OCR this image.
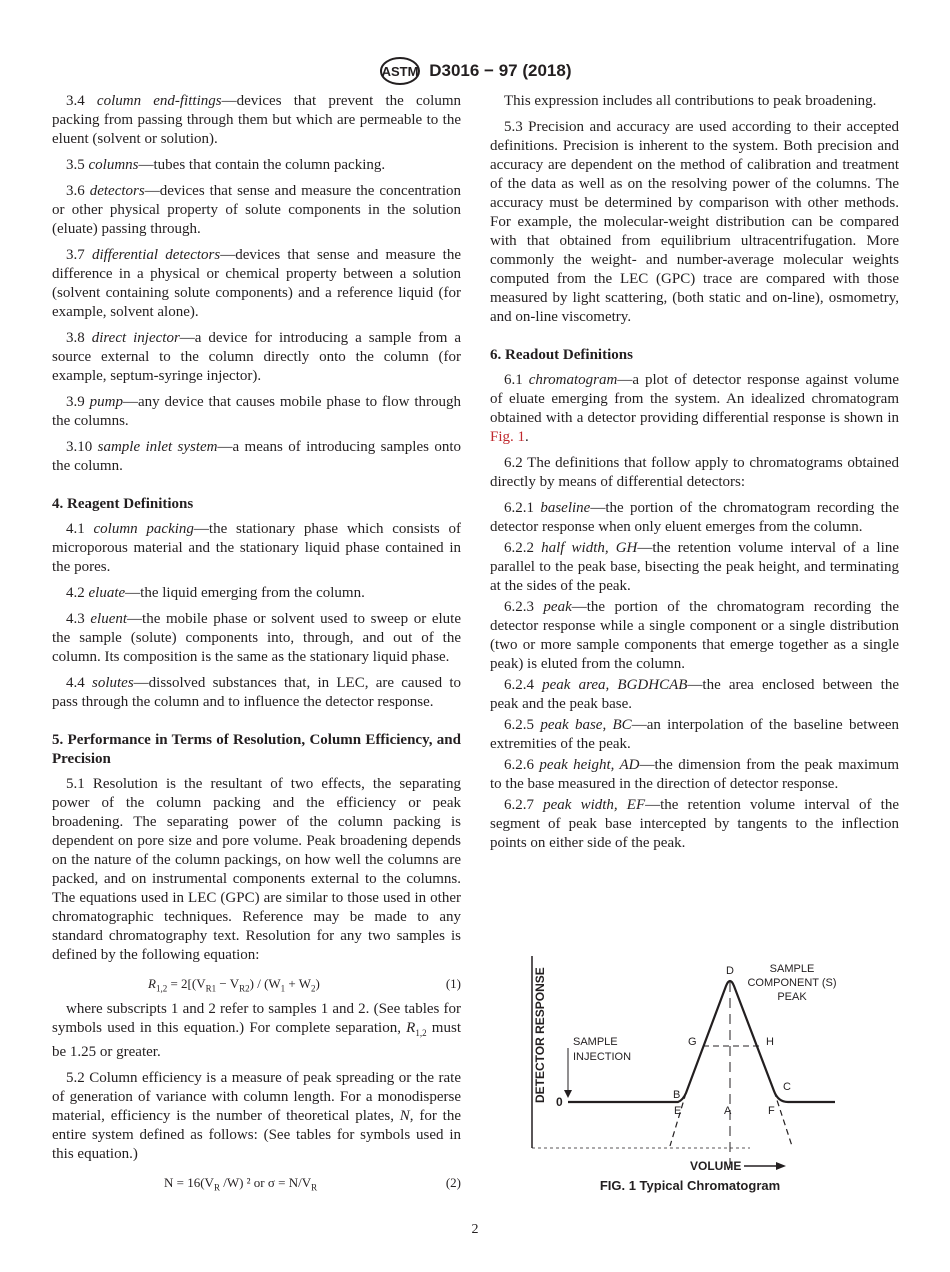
ASTM D3016 − 97 (2018)

3.4 column end-fittings—devices that prevent the column packing from passing through them but which are permeable to the eluent (solvent or solution).

3.5 columns—tubes that contain the column packing.

3.6 detectors—devices that sense and measure the concentration or other physical property of solute components in the solution (eluate) passing through.

3.7 differential detectors—devices that sense and measure the difference in a physical or chemical property between a solution (solvent containing solute components) and a reference liquid (for example, solvent alone).

3.8 direct injector—a device for introducing a sample from a source external to the column directly onto the column (for example, septum-syringe injector).

3.9 pump—any device that causes mobile phase to flow through the columns.

3.10 sample inlet system—a means of introducing samples onto the column.

4. Reagent Definitions

4.1 column packing—the stationary phase which consists of microporous material and the stationary liquid phase contained in the pores.

4.2 eluate—the liquid emerging from the column.

4.3 eluent—the mobile phase or solvent used to sweep or elute the sample (solute) components into, through, and out of the column. Its composition is the same as the stationary liquid phase.

4.4 solutes—dissolved substances that, in LEC, are caused to pass through the column and to influence the detector response.

5. Performance in Terms of Resolution, Column Efficiency, and Precision

5.1 Resolution is the resultant of two effects, the separating power of the column packing and the efficiency or peak broadening. The separating power of the column packing is dependent on pore size and pore volume. Peak broadening depends on the nature of the column packings, on how well the columns are packed, and on instrumental components external to the columns. The equations used in LEC (GPC) are similar to those used in other chromatographic techniques. Reference may be made to any standard chromatography text. Resolution for any two samples is defined by the following equation:

$R_{1,2} = 2[(V_{R1} - V_{R2}) / (W_1 + W_2)$	(1)

where subscripts 1 and 2 refer to samples 1 and 2. (See tables for symbols used in this equation.) For complete separation, $R_{1,2}$ must be 1.25 or greater.

5.2 Column efficiency is a measure of peak spreading or the rate of generation of variance with column length. For a monodisperse material, efficiency is the number of theoretical plates, N, for the entire system defined as follows: (See tables for symbols used in this equation.)

$N = 16(V_R$ /W) ² or $\sigma = N/V_R$	(2)

This expression includes all contributions to peak broadening.

5.3 Precision and accuracy are used according to their accepted definitions. Precision is inherent to the system. Both precision and accuracy are dependent on the method of calibration and treatment of the data as well as on the resolving power of the columns. The accuracy must be determined by comparison with other methods. For example, the molecular-weight distribution can be compared with that obtained from equilibrium ultracentrifugation. More commonly the weight- and number-average molecular weights computed from the LEC (GPC) trace are compared with those measured by light scattering, (both static and on-line), osmometry, and on-line viscometry.

6. Readout Definitions

6.1 chromatogram—a plot of detector response against volume of eluate emerging from the system. An idealized chromatogram obtained with a detector providing differential response is shown in Fig. 1.

6.2 The definitions that follow apply to chromatograms obtained directly by means of differential detectors:

6.2.1 baseline—the portion of the chromatogram recording the detector response when only eluent emerges from the column.

6.2.2 half width, GH—the retention volume interval of a line parallel to the peak base, bisecting the peak height, and terminating at the sides of the peak.

6.2.3 peak—the portion of the chromatogram recording the detector response while a single component or a single distribution (two or more sample components that emerge together as a single peak) is eluted from the column.

6.2.4 peak area, BGDHCAB—the area enclosed between the peak and the peak base.

6.2.5 peak base, BC—an interpolation of the baseline between extremities of the peak.

6.2.6 peak height, AD—the dimension from the peak maximum to the base measured in the direction of detector response.

6.2.7 peak width, EF—the retention volume interval of the segment of peak base intercepted by tangents to the inflection points on either side of the peak.

DETECTOR RESPONSE 0
SAMPLE
INJECTION
D
G	H
B
C
E	A	F
SAMPLE
COMPONENT (S)
PEAK
VOLUME
FIG. 1 Typical Chromatogram
2
